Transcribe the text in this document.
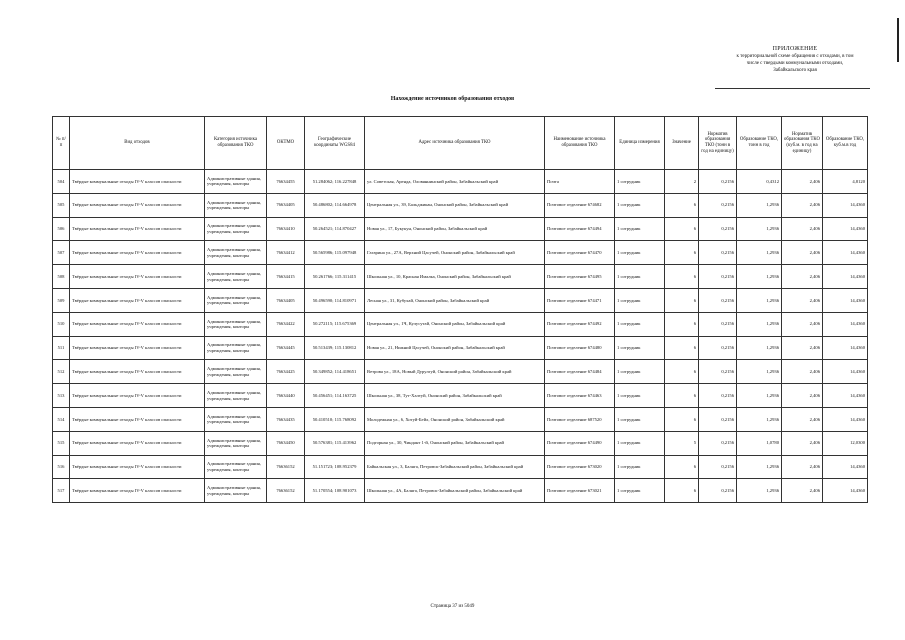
ПРИЛОЖЕНИЕ
к территориальной схеме обращения с отходами, в том
числе с твердыми коммунальными отходами,
Забайкальского края
Нахождение источников образования отходов
№ п/п	Вид отходов	Категория источника образования ТКО	ОКТМО	Географические координаты WGS84	Адрес источника образования ТКО	Наименование источника образования ТКО	Единица измерения	Значение	Норматив образования ТКО (тонн в год на единицу)	Образование ТКО, тонн в год	Норматив образования ТКО (куб.м. в год на единицу)	Образование ТКО, куб.м.в год
504	Твёрдые коммунальные отходы IV-V классов опасности	Административные здания, учреждения, конторы	76634455	51.284062; 116.227848	ул. Советская, Аренда, Оловяннинский район, Забайкальский край	Почта	1 сотрудник	2	0,2156	0,4312	2,406	4,8120
505	Твёрдые коммунальные отходы IV-V классов опасности	Административные здания, учреждения, конторы	76634405	50.486802; 114.664978	Центральная ул., 39, Бальджикан, Ононский район, Забайкальский край	Почтовое отделение 674682	1 сотрудник	6	0,2156	1,2936	2,406	14,4360
506	Твёрдые коммунальные отходы IV-V классов опасности	Административные здания, учреждения, конторы	76634410	50.264521; 114.870427	Новая ул., 17, Букукун, Ононский район, Забайкальский край	Почтовое отделение 674494	1 сотрудник	6	0,2156	1,2936	2,406	14,4360
507	Твёрдые коммунальные отходы IV-V классов опасности	Административные здания, учреждения, конторы	76634412	50.565986; 115.097948	Гагарина ул., 27А, Верхний Цасучей, Ононский район, Забайкальский край	Почтовое отделение 674470	1 сотрудник	6	0,2156	1,2936	2,406	14,4360
508	Твёрдые коммунальные отходы IV-V классов опасности	Административные здания, учреждения, конторы	76634415	50.261766; 115.311415	Школьная ул., 10, Красная Ималка, Ононский район, Забайкальский край	Почтовое отделение 674495	1 сотрудник	6	0,2156	1,2936	2,406	14,4360
509	Твёрдые коммунальные отходы IV-V классов опасности	Административные здания, учреждения, конторы	76634405	50.496590; 114.810971	Лесная ул., 31, Кубухай, Ононский район, Забайкальский край	Почтовое отделение 674471	1 сотрудник	6	0,2156	1,2936	2,406	14,4360
510	Твёрдые коммунальные отходы IV-V классов опасности	Административные здания, учреждения, конторы	76634422	50.272115; 115.675369	Центральная ул., 1Ч, Кулусутай, Ононский район, Забайкальский край	Почтовое отделение 674492	1 сотрудник	6	0,2156	1,2936	2,406	14,4360
511	Твёрдые коммунальные отходы IV-V классов опасности	Административные здания, учреждения, конторы	76634445	50.513439; 115.130812	Новая ул., 21, Нижний Цасучей, Ононский район, Забайкальский край	Почтовое отделение 674480	1 сотрудник	6	0,2156	1,2936	2,406	14,4360
512	Твёрдые коммунальные отходы IV-V классов опасности	Административные здания, учреждения, конторы	76634425	50.349852; 114.418651	Ветрова ул., 18А, Новый Дурулгуй, Ононский район, Забайкальский край	Почтовое отделение 674484	1 сотрудник	6	0,2156	1,2936	2,406	14,4360
513	Твёрдые коммунальные отходы IV-V классов опасности	Административные здания, учреждения, конторы	76634440	50.456451; 114.163725	Школьная ул., 38, Тут-Халтуй, Ононский район, Забайкальский край	Почтовое отделение 674463	1 сотрудник	6	0,2156	1,2936	2,406	14,4360
514	Твёрдые коммунальные отходы IV-V классов опасности	Административные здания, учреждения, конторы	76634435	50.410510; 115.768092	Молодежная ул., 6, Хотуй-Бейл, Ононский район, Забайкальский край	Почтовое отделение 687520	1 сотрудник	6	0,2156	1,2936	2,406	14,4360
515	Твёрдые коммунальные отходы IV-V классов опасности	Административные здания, учреждения, конторы	76634450	50.576381; 115.413962	Подгорная ул., 30, Чиндант 1-й, Ононский район, Забайкальский край	Почтовое отделение 674490	1 сотрудник	5	0,2156	1,0780	2,406	12,0300
516	Твёрдые коммунальные отходы IV-V классов опасности	Административные здания, учреждения, конторы	76636152	51.151723; 108.952379	Байкальская ул., 3, Баляга, Петровск-Забайкальский район, Забайкальский край	Почтовое отделение 673020	1 сотрудник	6	0,2156	1,2936	2,406	14,4360
517	Твёрдые коммунальные отходы IV-V классов опасности	Административные здания, учреждения, конторы	76636152	51.170554; 108.901073	Школьная ул., 4А, Баляга, Петровск-Забайкальский район, Забайкальский край	Почтовое отделение 673021	1 сотрудник	6	0,2156	1,2936	2,406	14,4360
Страница 37 из 5049
